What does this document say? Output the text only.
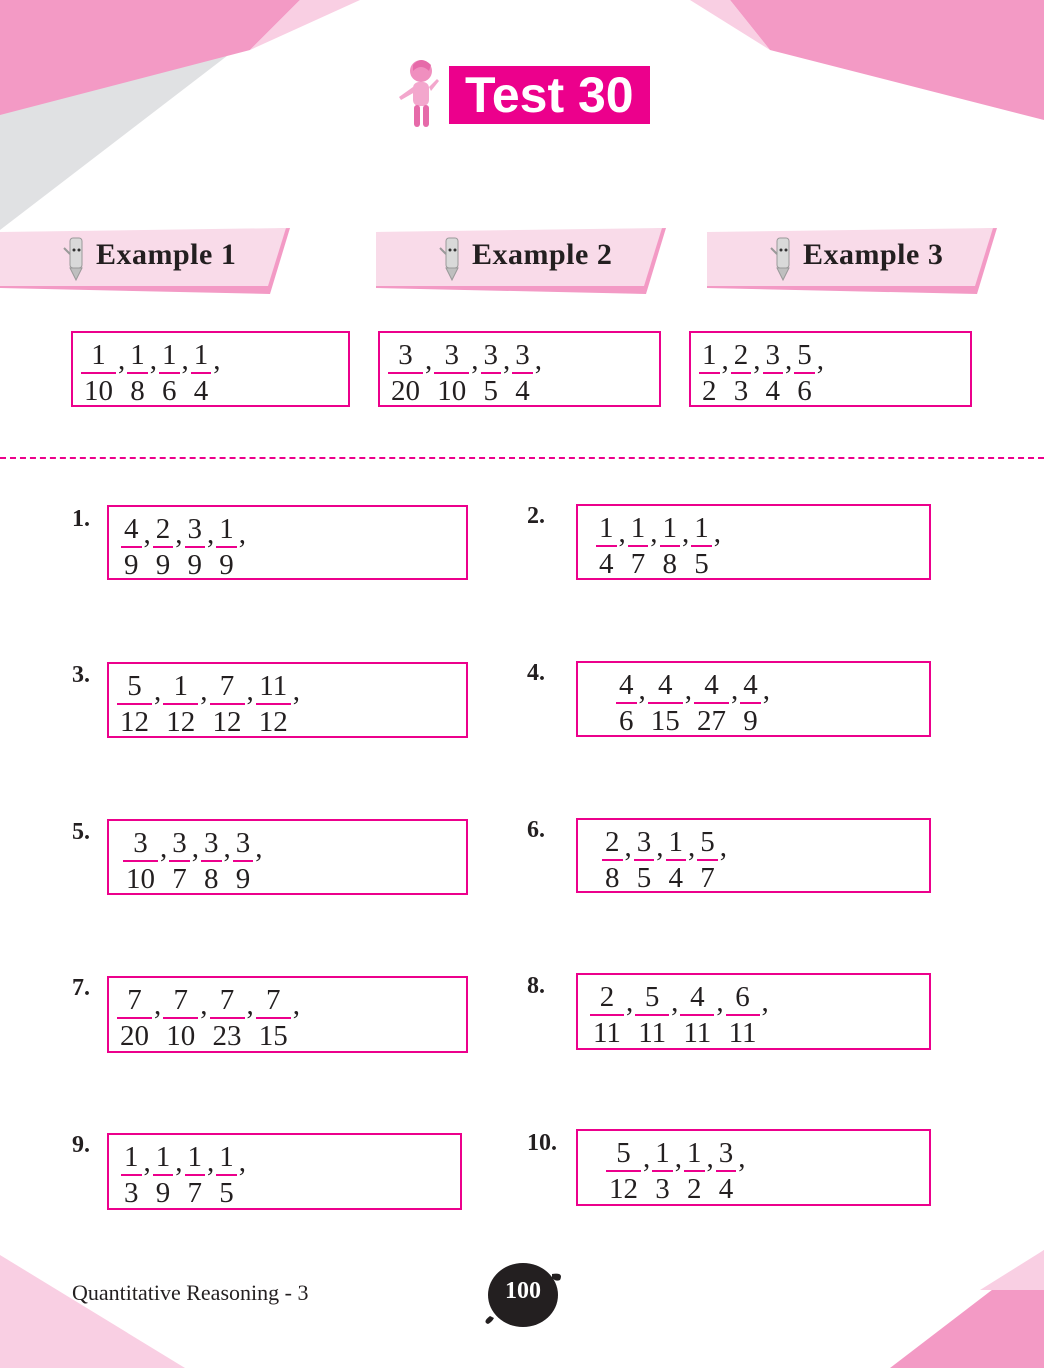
Test 30
Example 1	Example 2	Example 3
$\frac{1}{10}$ , $\frac{1}{8}$ , $\frac{1}{6}$ , $\frac{1}{4}$ ,	$\frac{3}{20}$ , $\frac{3}{10}$ , $\frac{3}{5}$ , $\frac{3}{4}$ ,	$\frac{1}{2}$ , $\frac{2}{3}$ , $\frac{3}{4}$ , $\frac{5}{6}$ ,
1. $\frac{4}{9}$ , $\frac{2}{9}$ , $\frac{3}{9}$ , $\frac{1}{9}$ ,
3. $\frac{5}{12}$ , $\frac{1}{12}$ , $\frac{7}{12}$ , $\frac{11}{12}$ ,
5. $\frac{3}{10}$ , $\frac{3}{7}$ , $\frac{3}{8}$ , $\frac{3}{9}$ ,
7. $\frac{7}{20}$ , $\frac{7}{10}$ , $\frac{7}{23}$ , $\frac{7}{15}$ ,
9. $\frac{1}{3}$ , $\frac{1}{9}$ , $\frac{1}{7}$ , $\frac{1}{5}$ ,
2. $\frac{1}{4}$ , $\frac{1}{7}$ , $\frac{1}{8}$ , $\frac{1}{5}$ ,
4. $\frac{4}{6}$ , $\frac{4}{15}$ , $\frac{4}{27}$ , $\frac{4}{9}$ ,
6. $\frac{2}{8}$ , $\frac{3}{5}$ , $\frac{1}{4}$ , $\frac{5}{7}$ ,
8. $\frac{2}{11}$ , $\frac{5}{11}$ , $\frac{4}{11}$ , $\frac{6}{11}$ ,
10. $\frac{5}{12}$ , $\frac{1}{3}$ , $\frac{1}{2}$ , $\frac{3}{4}$ ,
Quantitative Reasoning - 3	100
